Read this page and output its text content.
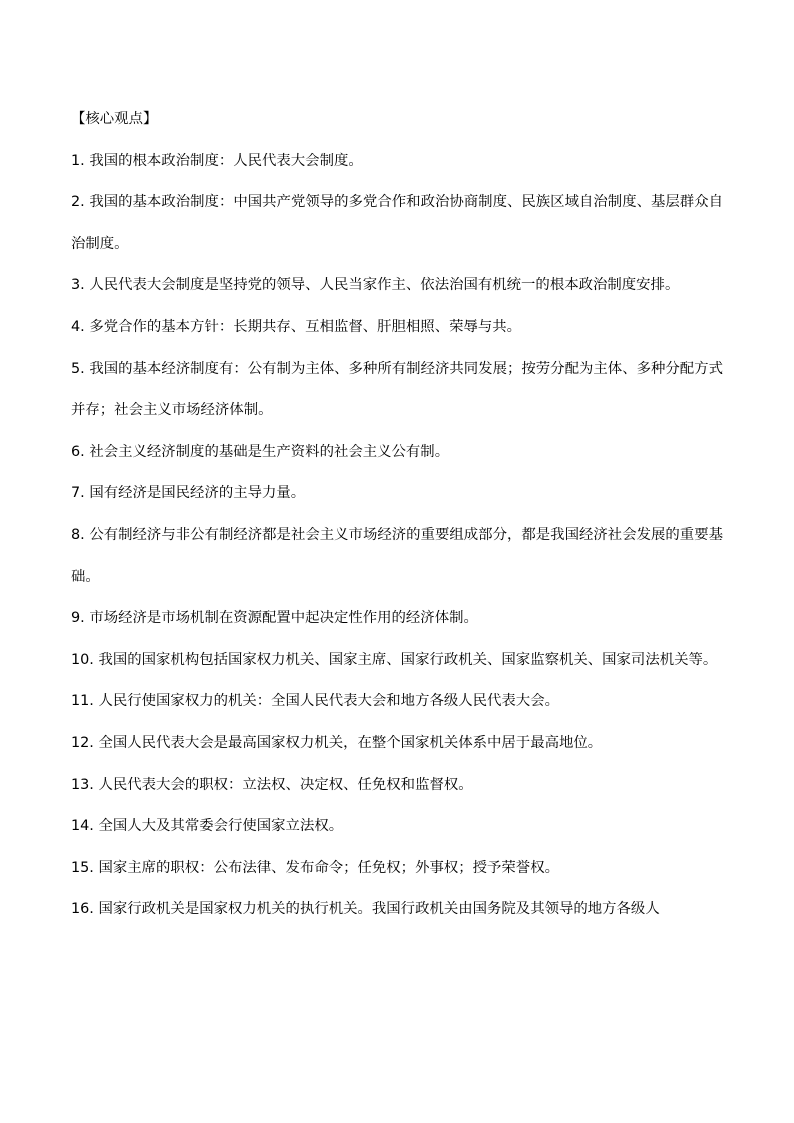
【核心观点】

1. 我国的根本政治制度：人民代表大会制度。

2. 我国的基本政治制度：中国共产党领导的多党合作和政治协商制度、民族区域自治制度、基层群众自治制度。

3. 人民代表大会制度是坚持党的领导、人民当家作主、依法治国有机统一的根本政治制度安排。

4. 多党合作的基本方针：长期共存、互相监督、肝胆相照、荣辱与共。

5. 我国的基本经济制度有：公有制为主体、多种所有制经济共同发展；按劳分配为主体、多种分配方式并存；社会主义市场经济体制。

6. 社会主义经济制度的基础是生产资料的社会主义公有制。

7. 国有经济是国民经济的主导力量。

8. 公有制经济与非公有制经济都是社会主义市场经济的重要组成部分，都是我国经济社会发展的重要基础。

9. 市场经济是市场机制在资源配置中起决定性作用的经济体制。

10. 我国的国家机构包括国家权力机关、国家主席、国家行政机关、国家监察机关、国家司法机关等。

11. 人民行使国家权力的机关：全国人民代表大会和地方各级人民代表大会。

12. 全国人民代表大会是最高国家权力机关，在整个国家机关体系中居于最高地位。

13. 人民代表大会的职权：立法权、决定权、任免权和监督权。

14. 全国人大及其常委会行使国家立法权。

15. 国家主席的职权：公布法律、发布命令；任免权；外事权；授予荣誉权。

16. 国家行政机关是国家权力机关的执行机关。我国行政机关由国务院及其领导的地方各级人
